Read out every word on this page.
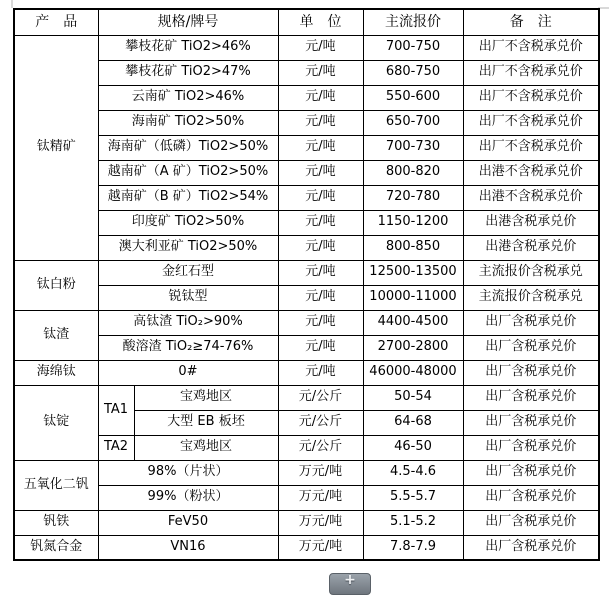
产　品	规格/牌号		单　位	主流报价	备　注
钛精矿	攀枝花矿 TiO2>46%		元/吨	700-750	出厂不含税承兑价
	攀枝花矿 TiO2>47%		元/吨	680-750	出厂不含税承兑价
	云南矿 TiO2>46%		元/吨	550-600	出厂不含税承兑价
	海南矿 TiO2>50%		元/吨	650-700	出厂不含税承兑价
	海南矿（低磷）TiO2>50%		元/吨	700-730	出厂不含税承兑价
	越南矿（A 矿）TiO2>50%		元/吨	800-820	出港不含税承兑价
	越南矿（B 矿）TiO2>54%		元/吨	720-780	出港不含税承兑价
	印度矿 TiO2>50%		元/吨	1150-1200	出港含税承兑价
	澳大利亚矿 TiO2>50%		元/吨	800-850	出港含税承兑价
钛白粉	金红石型		元/吨	12500-13500	主流报价含税承兑
	锐钛型		元/吨	10000-11000	主流报价含税承兑
钛渣	高钛渣 TiO₂>90%		元/吨	4400-4500	出厂含税承兑价
	酸溶渣 TiO₂≥74-76%		元/吨	2700-2800	出厂含税承兑价
海绵钛	0#		元/吨	46000-48000	出厂含税承兑价
钛锭	TA1	宝鸡地区	元/公斤	50-54	出厂含税承兑价
		大型 EB 板坯	元/公斤	64-68	出厂含税承兑价
	TA2	宝鸡地区	元/公斤	46-50	出厂含税承兑价
五氧化二钒	98%（片状）		万元/吨	4.5-4.6	出厂含税承兑价
	99%（粉状）		万元/吨	5.5-5.7	出厂含税承兑价
钒铁	FeV50		万元/吨	5.1-5.2	出厂含税承兑价
钒氮合金	VN16		万元/吨	7.8-7.9	出厂含税承兑价
+
